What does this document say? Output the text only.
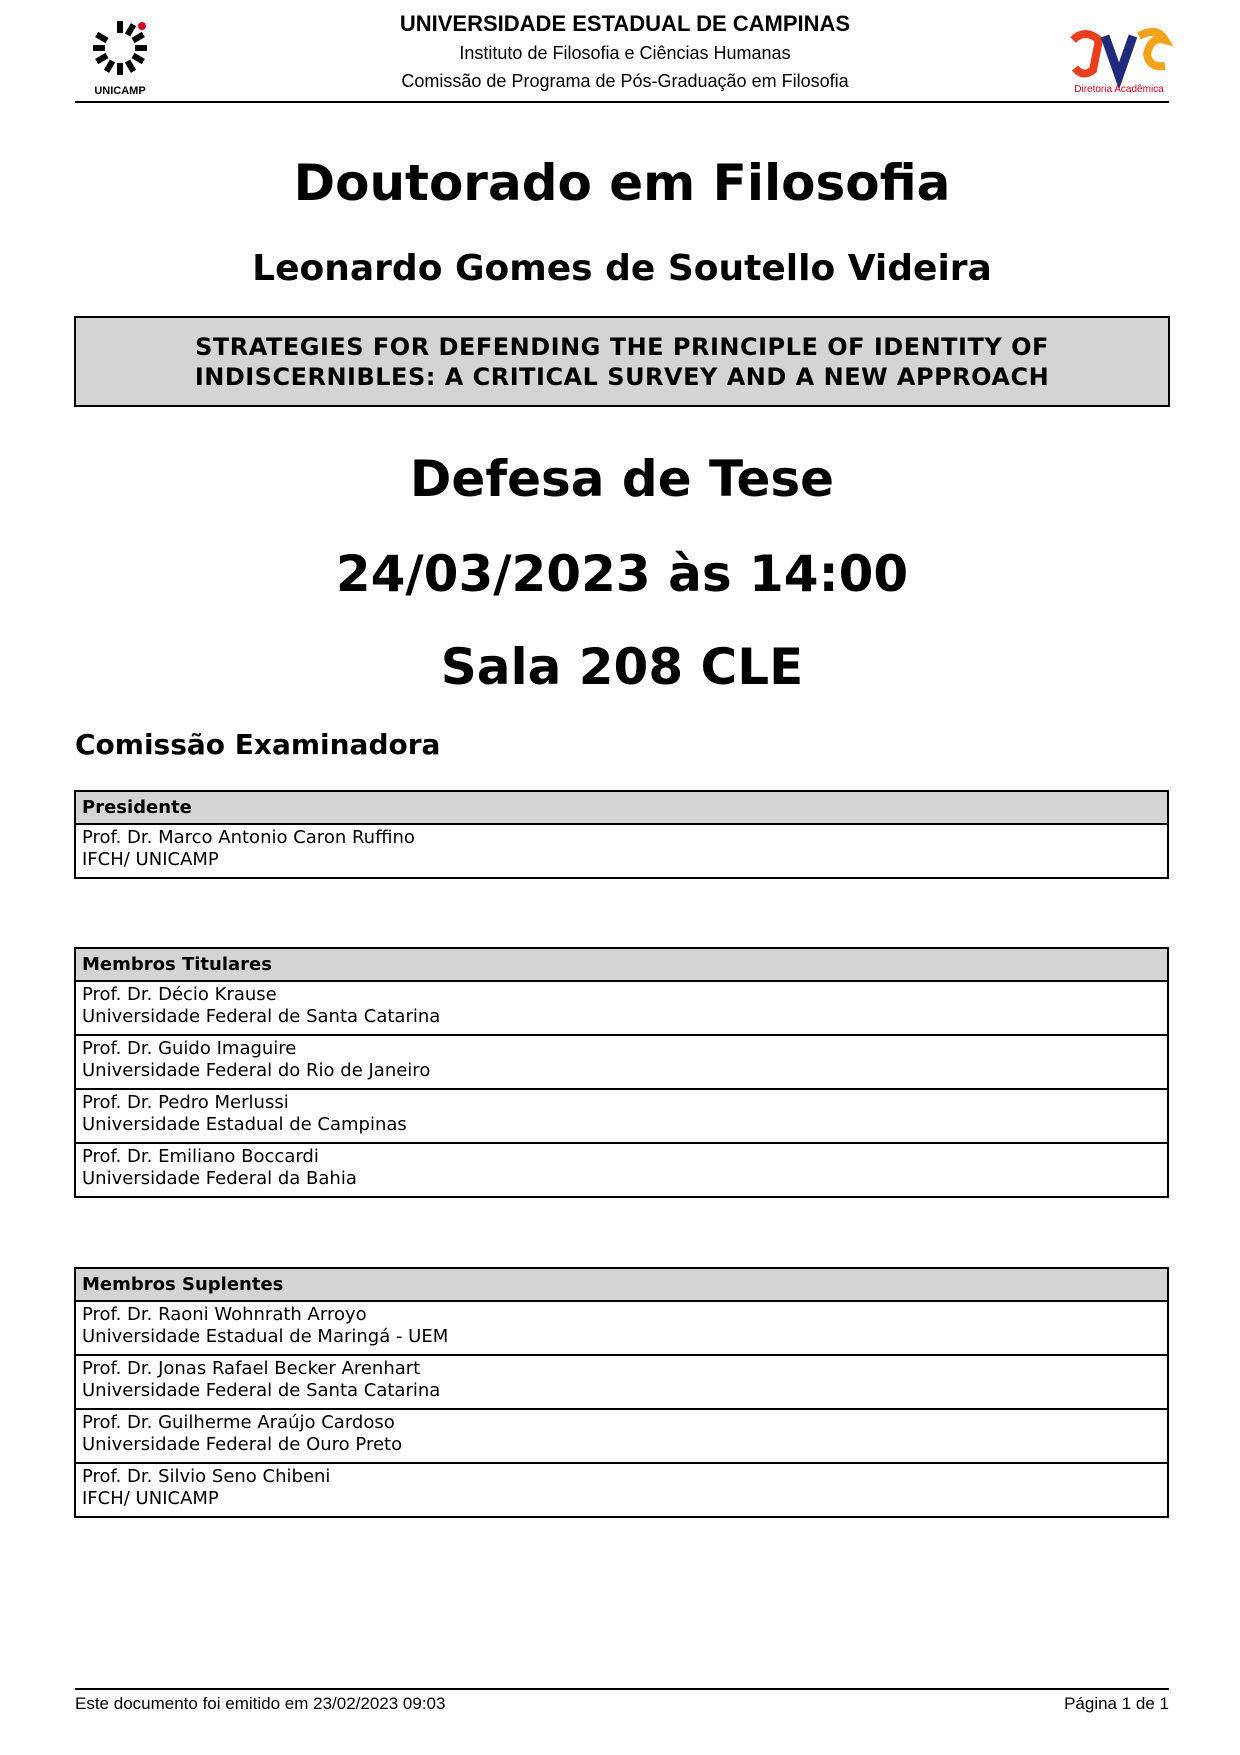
UNICAMP
UNIVERSIDADE ESTADUAL DE CAMPINAS
Instituto de Filosofia e Ciências Humanas
Comissão de Programa de Pós-Graduação em Filosofia	Diretoria Acadêmica
Doutorado em Filosofia
Leonardo Gomes de Soutello Videira
STRATEGIES FOR DEFENDING THE PRINCIPLE OF IDENTITY OF
INDISCERNIBLES: A CRITICAL SURVEY AND A NEW APPROACH
Defesa de Tese
24/03/2023 às 14:00
Sala 208 CLE
Comissão Examinadora
Presidente

Prof. Dr. Marco Antonio Caron Ruffino
IFCH/ UNICAMP
Membros Titulares

Prof. Dr. Décio Krause
Universidade Federal de Santa Catarina

Prof. Dr. Guido Imaguire
Universidade Federal do Rio de Janeiro

Prof. Dr. Pedro Merlussi
Universidade Estadual de Campinas

Prof. Dr. Emiliano Boccardi
Universidade Federal da Bahia
Membros Suplentes

Prof. Dr. Raoni Wohnrath Arroyo
Universidade Estadual de Maringá - UEM

Prof. Dr. Jonas Rafael Becker Arenhart
Universidade Federal de Santa Catarina

Prof. Dr. Guilherme Araújo Cardoso
Universidade Federal de Ouro Preto

Prof. Dr. Silvio Seno Chibeni
IFCH/ UNICAMP
Este documento foi emitido em 23/02/2023 09:03	Página 1 de 1
